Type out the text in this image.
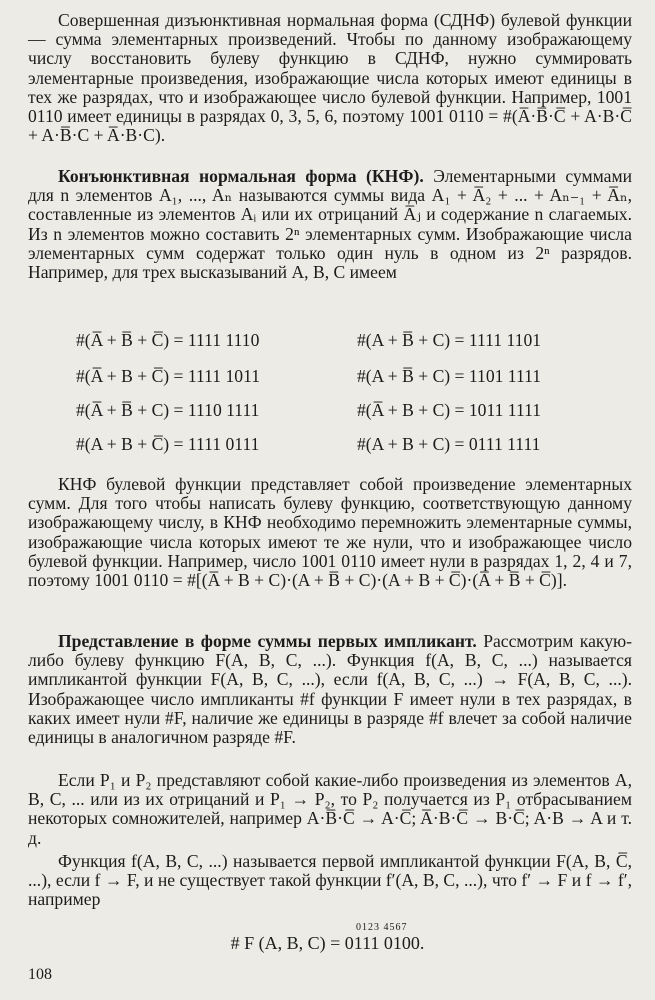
Совершенная дизъюнктивная нормальная форма (СДНФ) булевой функции — сумма элементарных произведений. Чтобы по данному изображающему числу восстановить булеву функцию в СДНФ, нужно суммировать элементарные произведения, изображающие числа которых имеют единицы в тех же разрядах, что и изображающее число булевой функции. Например, 1001 0110 имеет единицы в разрядах 0, 3, 5, 6, поэтому 1001 0110 = #(A̅·B̅·C̅ + A·B·C̅ + A·B̅·C + A̅·B·C).

Конъюнктивная нормальная форма (КНФ). Элементарными суммами для n элементов A₁, ..., Aₙ называются суммы вида A₁ + A̅₂ + ... + Aₙ₋₁ + A̅ₙ, составленные из элементов Aᵢ или их отрицаний A̅ⱼ и содержание n слагаемых. Из n элементов можно составить 2ⁿ элементарных сумм. Изображающие числа элементарных сумм содержат только один нуль в одном из 2ⁿ разрядов. Например, для трех высказываний A, B, C имеем

#(A̅ + B̅ + C̅) = 1111 1110	#(A + B̅ + C) = 1111 1101
#(A̅ + B + C̅) = 1111 1011	#(A + B̅ + C) = 1101 1111
#(A̅ + B̅ + C) = 1110 1111	#(A̅ + B + C) = 1011 1111
#(A + B + C̅) = 1111 0111	#(A + B + C) = 0111 1111

КНФ булевой функции представляет собой произведение элементарных сумм. Для того чтобы написать булеву функцию, соответствующую данному изображающему числу, в КНФ необходимо перемножить элементарные суммы, изображающие числа которых имеют те же нули, что и изображающее число булевой функции. Например, число 1001 0110 имеет нули в разрядах 1, 2, 4 и 7, поэтому 1001 0110 = #[(A̅ + B + C)·(A + B̅ + C)·(A + B + C̅)·(A̅ + B̅ + C̅)].

Представление в форме суммы первых импликант. Рассмотрим какую-либо булеву функцию F(A, B, C, ...). Функция f(A, B, C, ...) называется импликантой функции F(A, B, C, ...), если f(A, B, C, ...) → F(A, B, C, ...). Изображающее число импликанты #f функции F имеет нули в тех разрядах, в каких имеет нули #F, наличие же единицы в разряде #f влечет за собой наличие единицы в аналогичном разряде #F.

Если P₁ и P₂ представляют собой какие-либо произведения из элементов A, B, C, ... или из их отрицаний и P₁ → P₂, то P₂ получается из P₁ отбрасыванием некоторых сомножителей, например A·B̅·C̅ → A·C̅; A̅·B·C̅ → B·C̅; A·B → A и т. д.

Функция f(A, B, C, ...) называется первой импликантой функции F(A, B, C̅, ...), если f → F, и не существует такой функции f′(A, B, C, ...), что f′ → F и f → f′, например

0123 4567
# F (A, B, C) = 0111 0100.
108
